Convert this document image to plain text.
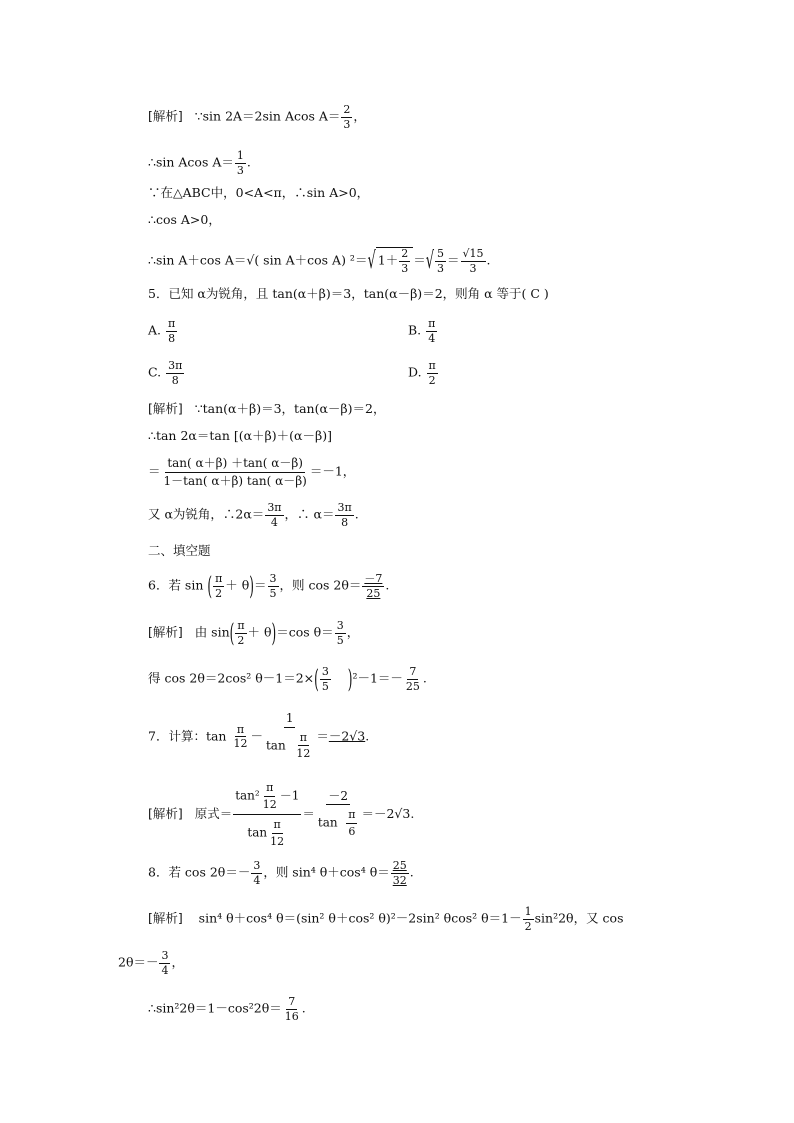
[解析] ∵sin 2A＝2sin Acos $A= \frac{2}{3}$ ，
∴sin Acos $A= \frac{1}{3}$ .
∵在△ABC中，0<A<π，∴sin A>0，
∴cos A>0，
∴sin A＋cos A＝√( sin A＋cos A) ²＝√ $1+ \frac{2}{3}$ ＝√ $\frac{5}{3} = \frac{√15}{3}$ .
5．已知 α为锐角，且 tan(α＋β)＝3，tan(α－β)＝2，则角 α 等于( C )
A. $\frac{\pi}{8}$	B. $\frac{\pi}{4}$
C. $\frac{3\pi}{8}$	D. $\frac{\pi}{2}$
[解析] ∵tan(α＋β)＝3，tan(α－β)＝2，
∴tan 2α＝tan [(α＋β)＋(α－β)]
＝ $\frac{\tan( \alpha+\beta) +\tan( \alpha-\beta)}{1-\tan( \alpha+\beta) \tan( \alpha-\beta)} =-1$，
又 α为锐角，∴2α＝ $\frac{3\pi}{4}$ ，∴ $\alpha= \frac{3\pi}{8}$ .
二、填空题
6．若 sin ( $\frac{\pi}{2} + \theta)= \frac{3}{5}$ ，则 $\cos 2\theta= \frac{-7}{25}$ .
[解析] 由 $\sin( \frac{\pi}{2} + \theta)=\cos$ $\theta= \frac{3}{5}$ ，
得 cos 2θ＝2cos² $\theta-1=2\times( \frac{3}{5} )^2-1=- \frac{7}{25}$ .
7．计算：$\tan \frac{\pi}{12} - \frac{1}{\tan \frac{\pi}{12}} =-2√3$.
[解析] 原式＝ $\frac{\tan^2 \frac{\pi}{12} -1}{\tan \frac{\pi}{12}} = \frac{-2}{\tan \frac{\pi}{6}} =-2√3$.
8．若 $\cos 2\theta=- \frac{3}{4}$ ，则 sin⁴ θ＋cos⁴ $\theta= \frac{25}{32}$ .
[解析] sin⁴ θ＋cos⁴ θ＝(sin² θ＋cos² θ)²－2sin² θcos² $\theta=1- \frac{1}{2} \sin^22\theta$，又 cos
$2\theta=- \frac{3}{4}$ ，
∴sin²2θ＝1－cos²2θ＝ $\frac{7}{16}$ .
